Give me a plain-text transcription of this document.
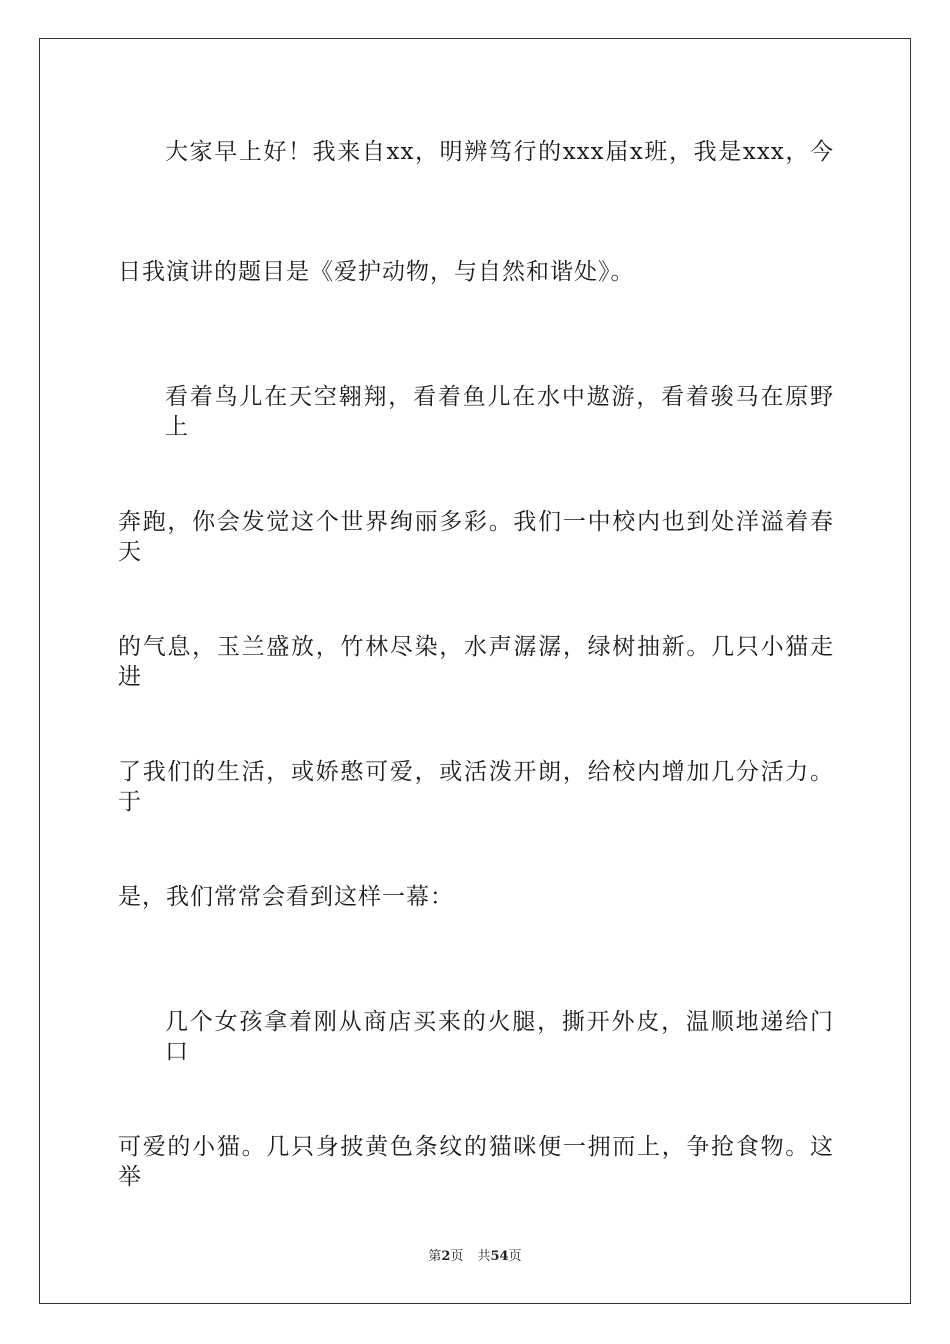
大家早上好！我来自xx，明辨笃行的xxx届x班，我是xxx，今
日我演讲的题目是《爱护动物，与自然和谐处》。
看着鸟儿在天空翱翔，看着鱼儿在水中遨游，看着骏马在原野上
奔跑，你会发觉这个世界绚丽多彩。我们一中校内也到处洋溢着春天
的气息，玉兰盛放，竹林尽染，水声潺潺，绿树抽新。几只小猫走进
了我们的生活，或娇憨可爱，或活泼开朗，给校内增加几分活力。于
是，我们常常会看到这样一幕：
几个女孩拿着刚从商店买来的火腿，撕开外皮，温顺地递给门口
可爱的小猫。几只身披黄色条纹的猫咪便一拥而上，争抢食物。这举
第2页 共54页
